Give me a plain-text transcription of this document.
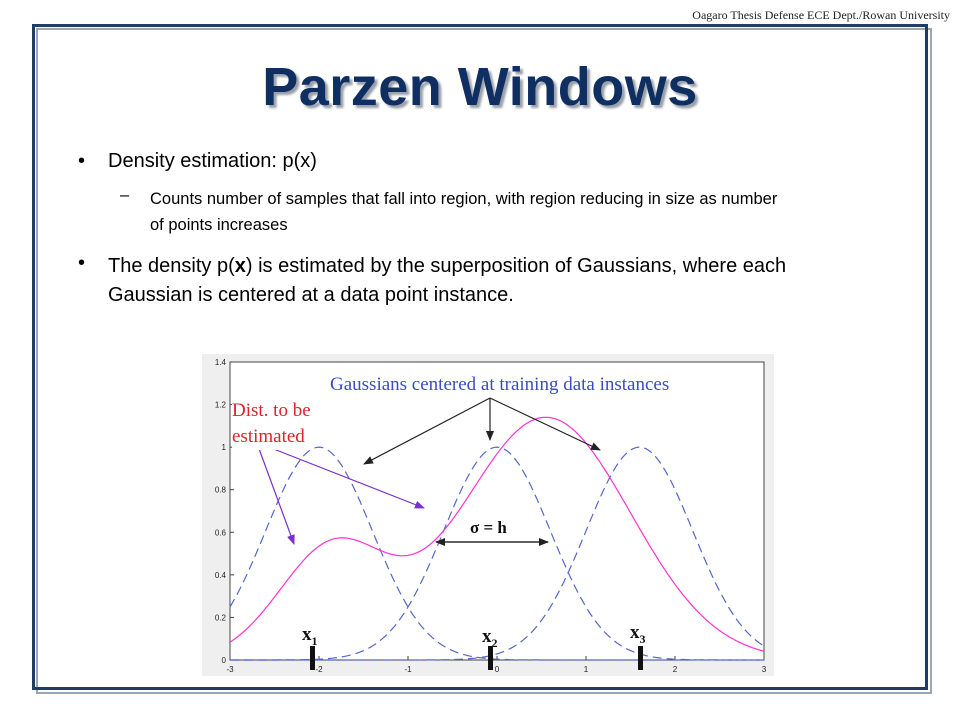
Oagaro Thesis Defense ECE Dept./Rowan University
Parzen Windows
• Density estimation: p(x)
– Counts number of samples that fall into region, with region reducing in size as number of points increases
• The density p(x) is estimated by the superposition of Gaussians, where each Gaussian is centered at a data point instance.
0
0.2
0.4
0.6
0.8
1
1.2
1.4
-3	-2	-1	0	1	2	3
Gaussians centered at training data instances
Dist. to be
estimated
σ = h
$x_1$	$x_2$	$x_3$
